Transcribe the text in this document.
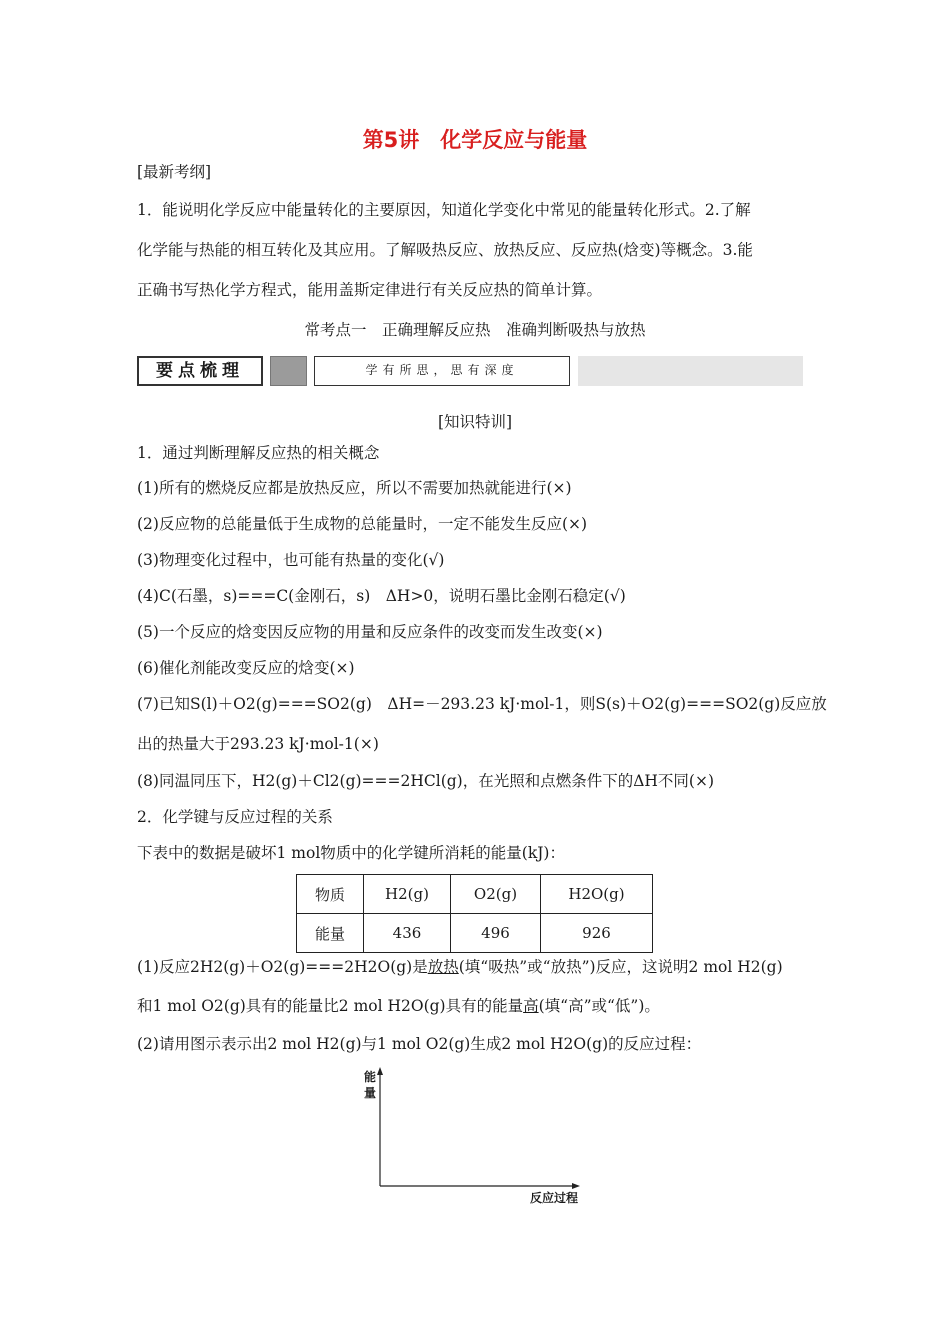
第5讲　化学反应与能量
[最新考纲]
1．能说明化学反应中能量转化的主要原因，知道化学变化中常见的能量转化形式。2.了解
化学能与热能的相互转化及其应用。了解吸热反应、放热反应、反应热(焓变)等概念。3.能
正确书写热化学方程式，能用盖斯定律进行有关反应热的简单计算。
常考点一　正确理解反应热　准确判断吸热与放热
要点梳理	学有所思，思有深度
[知识特训]
1．通过判断理解反应热的相关概念
(1)所有的燃烧反应都是放热反应，所以不需要加热就能进行(×)
(2)反应物的总能量低于生成物的总能量时，一定不能发生反应(×)
(3)物理变化过程中，也可能有热量的变化(√)
(4)C(石墨，s)===C(金刚石，s)　ΔH>0，说明石墨比金刚石稳定(√)
(5)一个反应的焓变因反应物的用量和反应条件的改变而发生改变(×)
(6)催化剂能改变反应的焓变(×)
(7)已知S(l)＋O2(g)===SO2(g)　ΔH=－293.23 kJ·mol-1，则S(s)＋O2(g)===SO2(g)反应放
出的热量大于293.23 kJ·mol-1(×)
(8)同温同压下，H2(g)＋Cl2(g)===2HCl(g)，在光照和点燃条件下的ΔH不同(×)
2．化学键与反应过程的关系
下表中的数据是破坏1 mol物质中的化学键所消耗的能量(kJ)：
物质	H2(g)	O2(g)	H2O(g)
能量	436	496	926
(1)反应2H2(g)＋O2(g)===2H2O(g)是放热(填“吸热”或“放热”)反应，这说明2 mol H2(g)
和1 mol O2(g)具有的能量比2 mol H2O(g)具有的能量高(填“高”或“低”)。
(2)请用图示表示出2 mol H2(g)与1 mol O2(g)生成2 mol H2O(g)的反应过程：
能
量
反应过程
